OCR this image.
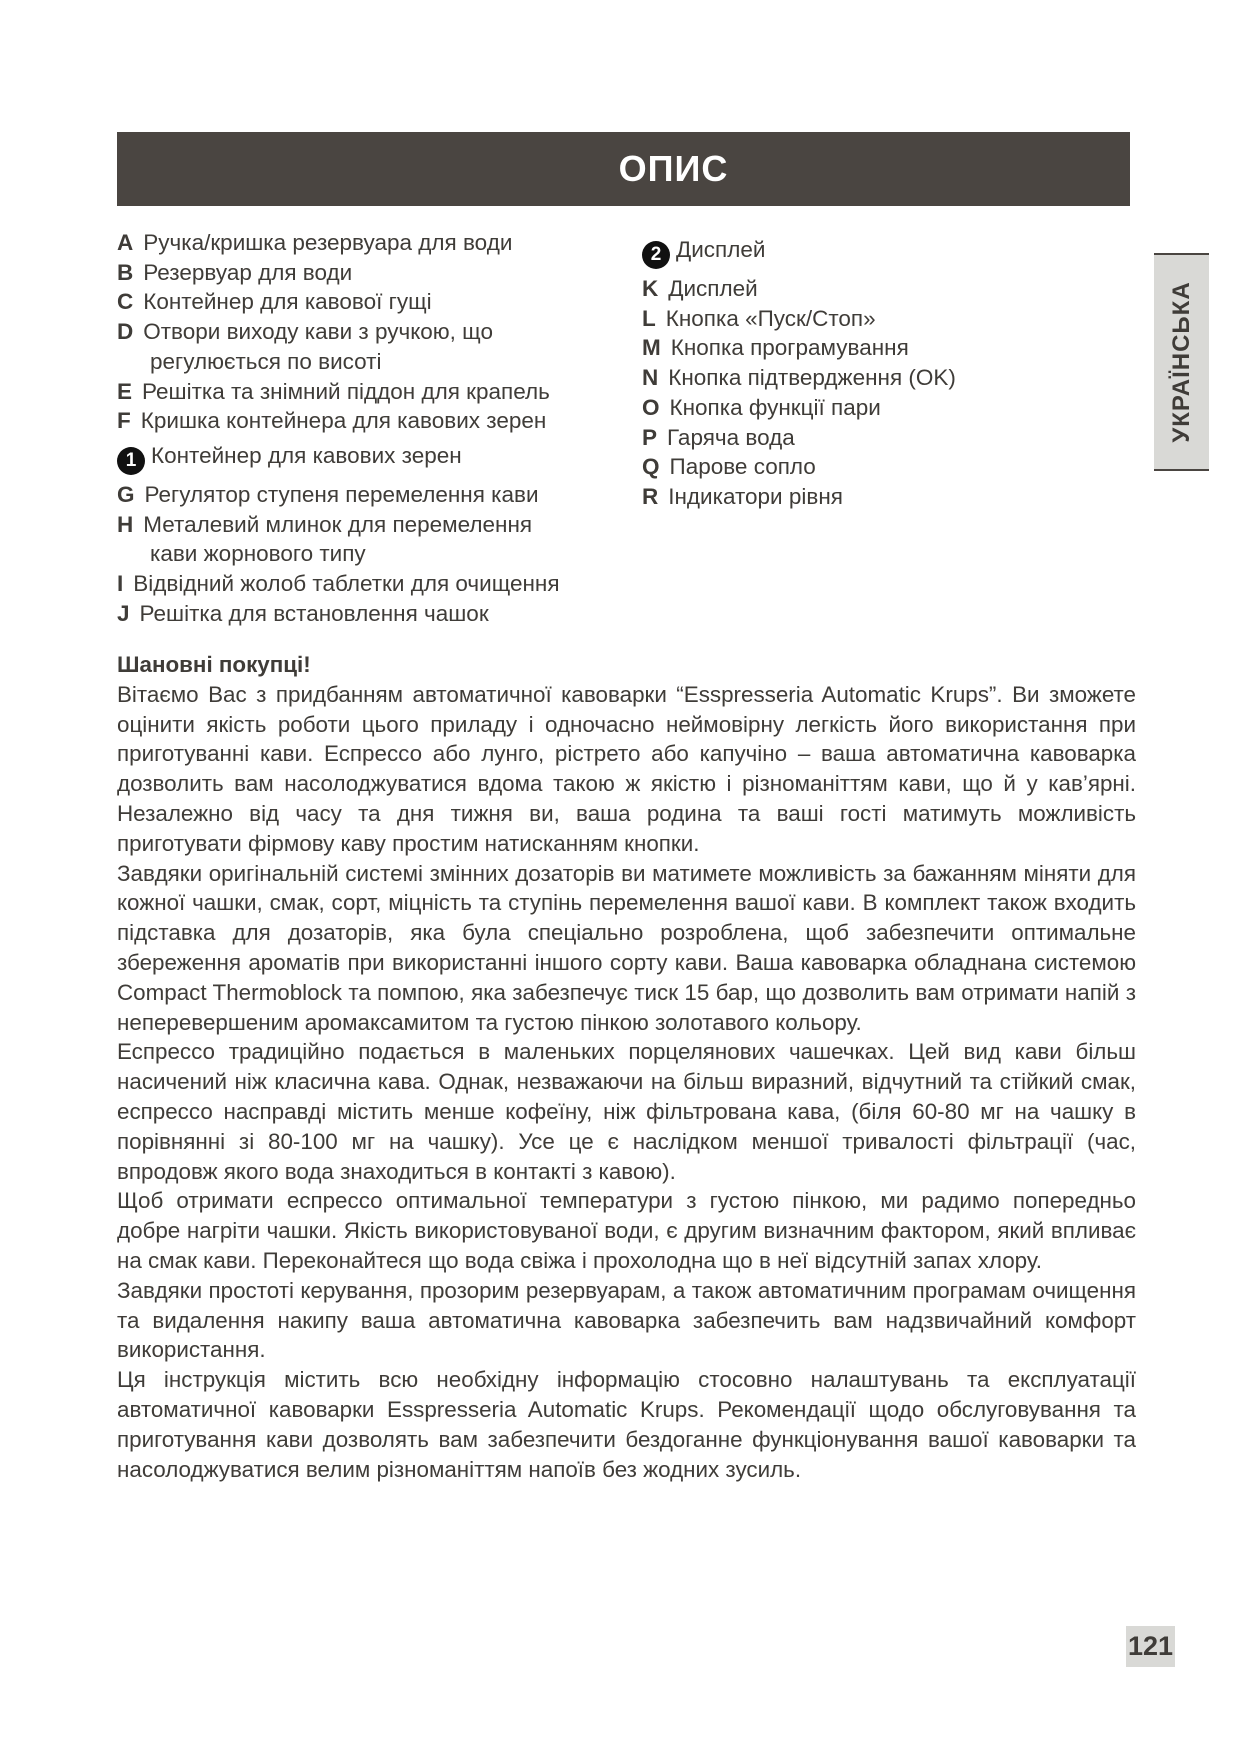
ОПИС
УКРАЇНСЬКА
A Ручка/кришка резервуара для води
B Резервуар для води
C Контейнер для кавової гущі
D Отвори виходу кави з ручкою, що
регулюється по висоті
E Решітка та знімний піддон для крапель
F Кришка контейнера для кавових зерен
1 Контейнер для кавових зерен
G Регулятор ступеня перемелення кави
H Металевий млинок для перемелення
кави жорнового типу
I Відвідний жолоб таблетки для очищення
J Решітка для встановлення чашок
2 Дисплей
K Дисплей
L Кнопка «Пуск/Стоп»
M Кнопка програмування
N Кнопка підтвердження (OK)
O Кнопка функції пари
P Гаряча вода
Q Парове сопло
R Індикатори рівня

Шановні покупці!

Вітаємо Вас з придбанням автоматичної кавоварки “Esspresseria Automatic Krups”. Ви зможете оцінити якість роботи цього приладу і одночасно неймовірну легкість його використання при приготуванні кави. Еспрессо або лунго, рістрето або капучіно – ваша автоматична кавоварка дозволить вам насолоджуватися вдома такою ж якістю і різноманіттям кави, що й у кав’ярні. Незалежно від часу та дня тижня ви, ваша родина та ваші гості матимуть можливість приготувати фірмову каву простим натисканням кнопки.

Завдяки оригінальній системі змінних дозаторів ви матимете можливість за бажанням міняти для кожної чашки, смак, сорт, міцність та ступінь перемелення вашої кави. В комплект також входить підставка для дозаторів, яка була спеціально розроблена, щоб забезпечити оптимальне збереження ароматів при використанні іншого сорту кави. Ваша кавоварка обладнана системою Compact Thermoblock та помпою, яка забезпечує тиск 15 бар, що дозволить вам отримати напій з неперевершеним аромаксамитом та густою пінкою золотавого кольору.

Еспрессо традиційно подається в маленьких порцелянових чашечках. Цей вид кави більш насичений ніж класична кава. Однак, незважаючи на більш виразний, відчутний та стійкий смак, еспрессо насправді містить менше кофеїну, ніж фільтрована кава, (біля 60-80 мг на чашку в порівнянні зі 80-100 мг на чашку). Усе це є наслідком меншої тривалості фільтрації (час, впродовж якого вода знаходиться в контакті з кавою).

Щоб отримати еспрессо оптимальної температури з густою пінкою, ми радимо попередньо добре нагріти чашки. Якість використовуваної води, є другим визначним фактором, який впливає на смак кави. Переконайтеся що вода свіжа і прохолодна що в неї відсутній запах хлору.

Завдяки простоті керування, прозорим резервуарам, а також автоматичним програмам очищення та видалення накипу ваша автоматична кавоварка забезпечить вам надзвичайний комфорт використання.

Ця інструкція містить всю необхідну інформацію стосовно налаштувань та експлуатації автоматичної кавоварки Esspresseria Automatic Krups. Рекомендації щодо обслуговування та приготування кави дозволять вам забезпечити бездоганне функціонування вашої кавоварки та насолоджуватися велим різноманіттям напоїв без жодних зусиль.

121
